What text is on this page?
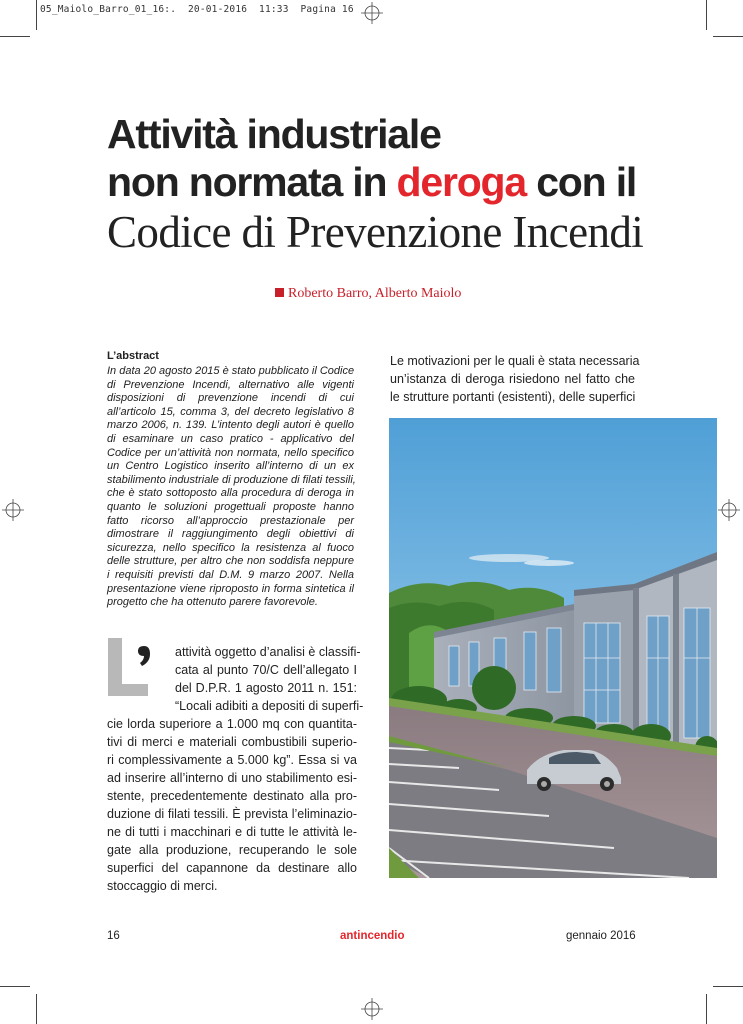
05_Maiolo_Barro_01_16:. 20-01-2016 11:33 Pagina 16
Attività industriale
non normata in deroga con il
Codice di Prevenzione Incendi
Roberto Barro, Alberto Maiolo
L’abstract
In data 20 agosto 2015 è stato pubblicato il Codice
di Prevenzione Incendi, alternativo alle vigenti
disposizioni di prevenzione incendi di cui
all’articolo 15, comma 3, del decreto legislativo 8
marzo 2006, n. 139. L’intento degli autori è quello
di esaminare un caso pratico - applicativo del
Codice per un’attività non normata, nello specifico
un Centro Logistico inserito all’interno di un ex
stabilimento industriale di produzione di filati tessili,
che è stato sottoposto alla procedura di deroga in
quanto le soluzioni progettuali proposte hanno
fatto ricorso all’approccio prestazionale per
dimostrare il raggiungimento degli obiettivi di
sicurezza, nello specifico la resistenza al fuoco
delle strutture, per altro che non soddisfa neppure
i requisiti previsti dal D.M. 9 marzo 2007. Nella
presentazione viene riproposto in forma sintetica il
progetto che ha ottenuto parere favorevole.
Le motivazioni per le quali è stata necessaria
un’istanza di deroga risiedono nel fatto che
le strutture portanti (esistenti), delle superfici
attività oggetto d’analisi è classifi-
cata al punto 70/C dell’allegato I
del D.P.R. 1 agosto 2011 n. 151:
“Locali adibiti a depositi di superfi-
cie lorda superiore a 1.000 mq con quantita-
tivi di merci e materiali combustibili superio-
ri complessivamente a 5.000 kg”. Essa si va
ad inserire all’interno di uno stabilimento esi-
stente, precedentemente destinato alla pro-
duzione di filati tessili. È prevista l’eliminazio-
ne di tutti i macchinari e di tutte le attività le-
gate alla produzione, recuperando le sole
superfici del capannone da destinare allo
stoccaggio di merci.
16	antincendio	gennaio 2016
